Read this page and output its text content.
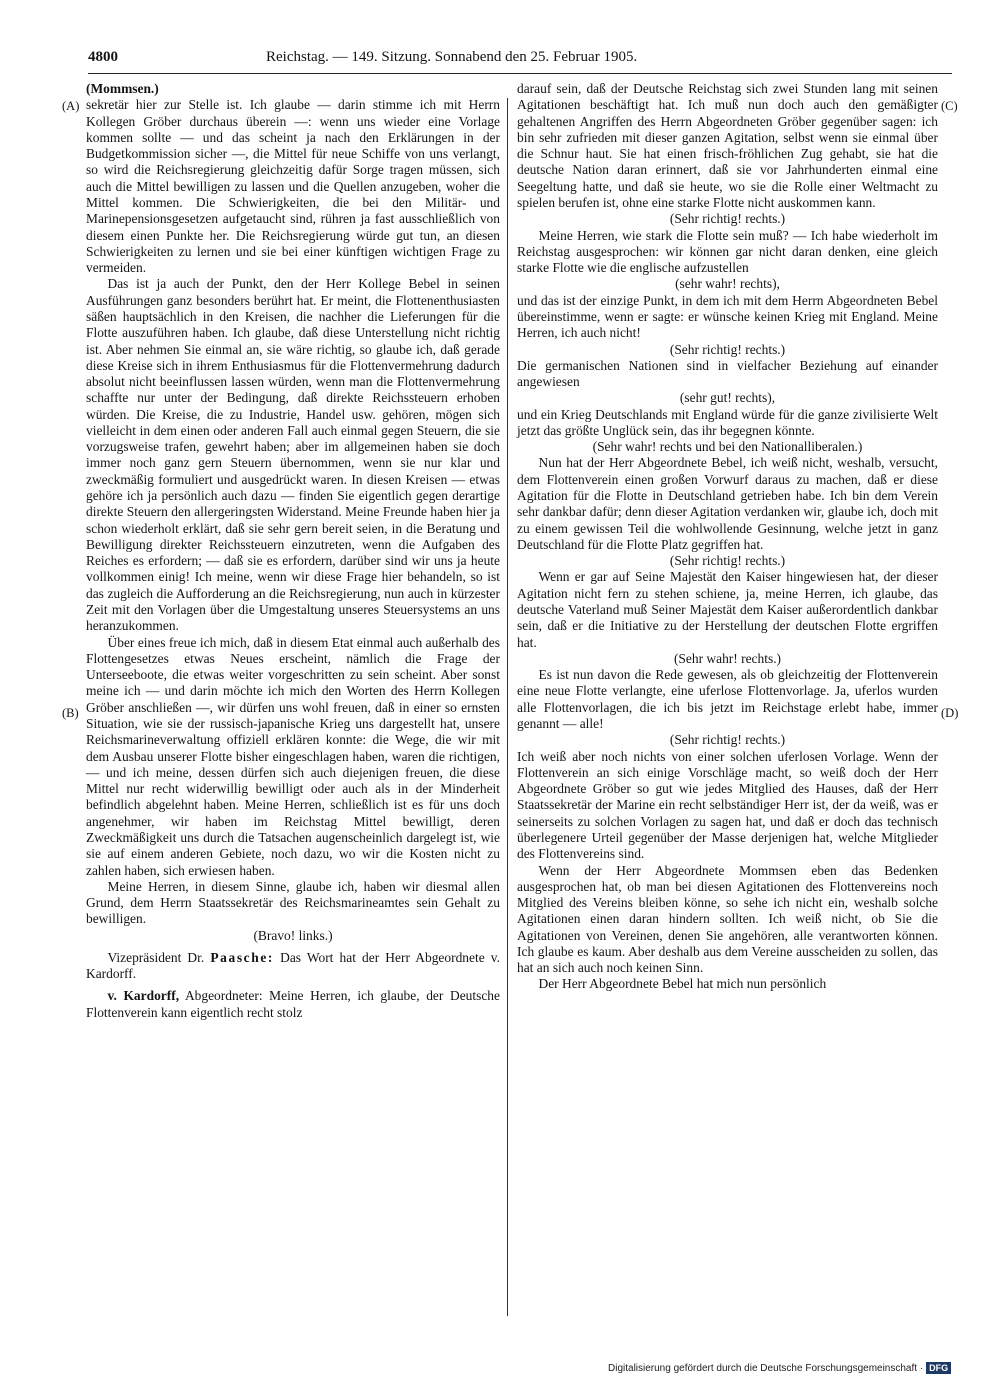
4800	Reichstag. — 149. Sitzung. Sonnabend den 25. Februar 1905.
(A)
(B)
(C)
(D)

(Mommsen.)

sekretär hier zur Stelle ist. Ich glaube — darin stimme ich mit Herrn Kollegen Gröber durchaus überein —: wenn uns wieder eine Vorlage kommen sollte — und das scheint ja nach den Erklärungen in der Budgetkommission sicher —, die Mittel für neue Schiffe von uns verlangt, so wird die Reichsregierung gleichzeitig dafür Sorge tragen müssen, sich auch die Mittel bewilligen zu lassen und die Quellen anzugeben, woher die Mittel kommen. Die Schwierigkeiten, die bei den Militär- und Marinepensionsgesetzen aufgetaucht sind, rühren ja fast ausschließlich von diesem einen Punkte her. Die Reichsregierung würde gut tun, an diesen Schwierigkeiten zu lernen und sie bei einer künftigen wichtigen Frage zu vermeiden.

Das ist ja auch der Punkt, den der Herr Kollege Bebel in seinen Ausführungen ganz besonders berührt hat. Er meint, die Flottenenthusiasten säßen hauptsächlich in den Kreisen, die nachher die Lieferungen für die Flotte auszuführen haben. Ich glaube, daß diese Unterstellung nicht richtig ist. Aber nehmen Sie einmal an, sie wäre richtig, so glaube ich, daß gerade diese Kreise sich in ihrem Enthusiasmus für die Flottenvermehrung dadurch absolut nicht beeinflussen lassen würden, wenn man die Flottenvermehrung schaffte nur unter der Bedingung, daß direkte Reichssteuern erhoben würden. Die Kreise, die zu Industrie, Handel usw. gehören, mögen sich vielleicht in dem einen oder anderen Fall auch einmal gegen Steuern, die sie vorzugsweise trafen, gewehrt haben; aber im allgemeinen haben sie doch immer noch ganz gern Steuern übernommen, wenn sie nur klar und zweckmäßig formuliert und ausgedrückt waren. In diesen Kreisen — etwas gehöre ich ja persönlich auch dazu — finden Sie eigentlich gegen derartige direkte Steuern den allergeringsten Widerstand. Meine Freunde haben hier ja schon wiederholt erklärt, daß sie sehr gern bereit seien, in die Beratung und Bewilligung direkter Reichssteuern einzutreten, wenn die Aufgaben des Reiches es erfordern; — daß sie es erfordern, darüber sind wir uns ja heute vollkommen einig! Ich meine, wenn wir diese Frage hier behandeln, so ist das zugleich die Aufforderung an die Reichsregierung, nun auch in kürzester Zeit mit den Vorlagen über die Umgestaltung unseres Steuersystems an uns heranzukommen.

Über eines freue ich mich, daß in diesem Etat einmal auch außerhalb des Flottengesetzes etwas Neues erscheint, nämlich die Frage der Unterseeboote, die etwas weiter vorgeschritten zu sein scheint. Aber sonst meine ich — und darin möchte ich mich den Worten des Herrn Kollegen Gröber anschließen —, wir dürfen uns wohl freuen, daß in einer so ernsten Situation, wie sie der russisch-japanische Krieg uns dargestellt hat, unsere Reichsmarineverwaltung offiziell erklären konnte: die Wege, die wir mit dem Ausbau unserer Flotte bisher eingeschlagen haben, waren die richtigen, — und ich meine, dessen dürfen sich auch diejenigen freuen, die diese Mittel nur recht widerwillig bewilligt oder auch als in der Minderheit befindlich abgelehnt haben. Meine Herren, schließlich ist es für uns doch angenehmer, wir haben im Reichstag Mittel bewilligt, deren Zweckmäßigkeit uns durch die Tatsachen augenscheinlich dargelegt ist, wie sie auf einem anderen Gebiete, noch dazu, wo wir die Kosten nicht zu zahlen haben, sich erwiesen haben.

Meine Herren, in diesem Sinne, glaube ich, haben wir diesmal allen Grund, dem Herrn Staatssekretär des Reichsmarineamtes sein Gehalt zu bewilligen.

(Bravo! links.)

Vizepräsident Dr. Paasche: Das Wort hat der Herr Abgeordnete v. Kardorff.

v. Kardorff, Abgeordneter: Meine Herren, ich glaube, der Deutsche Flottenverein kann eigentlich recht stolz

darauf sein, daß der Deutsche Reichstag sich zwei Stunden lang mit seinen Agitationen beschäftigt hat. Ich muß nun doch auch den gemäßigter gehaltenen Angriffen des Herrn Abgeordneten Gröber gegenüber sagen: ich bin sehr zufrieden mit dieser ganzen Agitation, selbst wenn sie einmal über die Schnur haut. Sie hat einen frisch-fröhlichen Zug gehabt, sie hat die deutsche Nation daran erinnert, daß sie vor Jahrhunderten einmal eine Seegeltung hatte, und daß sie heute, wo sie die Rolle einer Weltmacht zu spielen berufen ist, ohne eine starke Flotte nicht auskommen kann.

(Sehr richtig! rechts.)

Meine Herren, wie stark die Flotte sein muß? — Ich habe wiederholt im Reichstag ausgesprochen: wir können gar nicht daran denken, eine gleich starke Flotte wie die englische aufzustellen

(sehr wahr! rechts),

und das ist der einzige Punkt, in dem ich mit dem Herrn Abgeordneten Bebel übereinstimme, wenn er sagte: er wünsche keinen Krieg mit England. Meine Herren, ich auch nicht!

(Sehr richtig! rechts.)

Die germanischen Nationen sind in vielfacher Beziehung auf einander angewiesen

(sehr gut! rechts),

und ein Krieg Deutschlands mit England würde für die ganze zivilisierte Welt jetzt das größte Unglück sein, das ihr begegnen könnte.

(Sehr wahr! rechts und bei den Nationalliberalen.)

Nun hat der Herr Abgeordnete Bebel, ich weiß nicht, weshalb, versucht, dem Flottenverein einen großen Vorwurf daraus zu machen, daß er diese Agitation für die Flotte in Deutschland getrieben habe. Ich bin dem Verein sehr dankbar dafür; denn dieser Agitation verdanken wir, glaube ich, doch mit zu einem gewissen Teil die wohlwollende Gesinnung, welche jetzt in ganz Deutschland für die Flotte Platz gegriffen hat.

(Sehr richtig! rechts.)

Wenn er gar auf Seine Majestät den Kaiser hingewiesen hat, der dieser Agitation nicht fern zu stehen schiene, ja, meine Herren, ich glaube, das deutsche Vaterland muß Seiner Majestät dem Kaiser außerordentlich dankbar sein, daß er die Initiative zu der Herstellung der deutschen Flotte ergriffen hat.

(Sehr wahr! rechts.)

Es ist nun davon die Rede gewesen, als ob gleichzeitig der Flottenverein eine neue Flotte verlangte, eine uferlose Flottenvorlage. Ja, uferlos wurden alle Flottenvorlagen, die ich bis jetzt im Reichstage erlebt habe, immer genannt — alle!

(Sehr richtig! rechts.)

Ich weiß aber noch nichts von einer solchen uferlosen Vorlage. Wenn der Flottenverein an sich einige Vorschläge macht, so weiß doch der Herr Abgeordnete Gröber so gut wie jedes Mitglied des Hauses, daß der Herr Staatssekretär der Marine ein recht selbständiger Herr ist, der da weiß, was er seinerseits zu solchen Vorlagen zu sagen hat, und daß er doch das technisch überlegenere Urteil gegenüber der Masse derjenigen hat, welche Mitglieder des Flottenvereins sind.

Wenn der Herr Abgeordnete Mommsen eben das Bedenken ausgesprochen hat, ob man bei diesen Agitationen des Flottenvereins noch Mitglied des Vereins bleiben könne, so sehe ich nicht ein, weshalb solche Agitationen einen daran hindern sollten. Ich weiß nicht, ob Sie die Agitationen von Vereinen, denen Sie angehören, alle verantworten können. Ich glaube es kaum. Aber deshalb aus dem Vereine ausscheiden zu sollen, das hat an sich auch noch keinen Sinn.

Der Herr Abgeordnete Bebel hat mich nun persönlich

Digitalisierung gefördert durch die Deutsche Forschungsgemeinschaft · DFG
